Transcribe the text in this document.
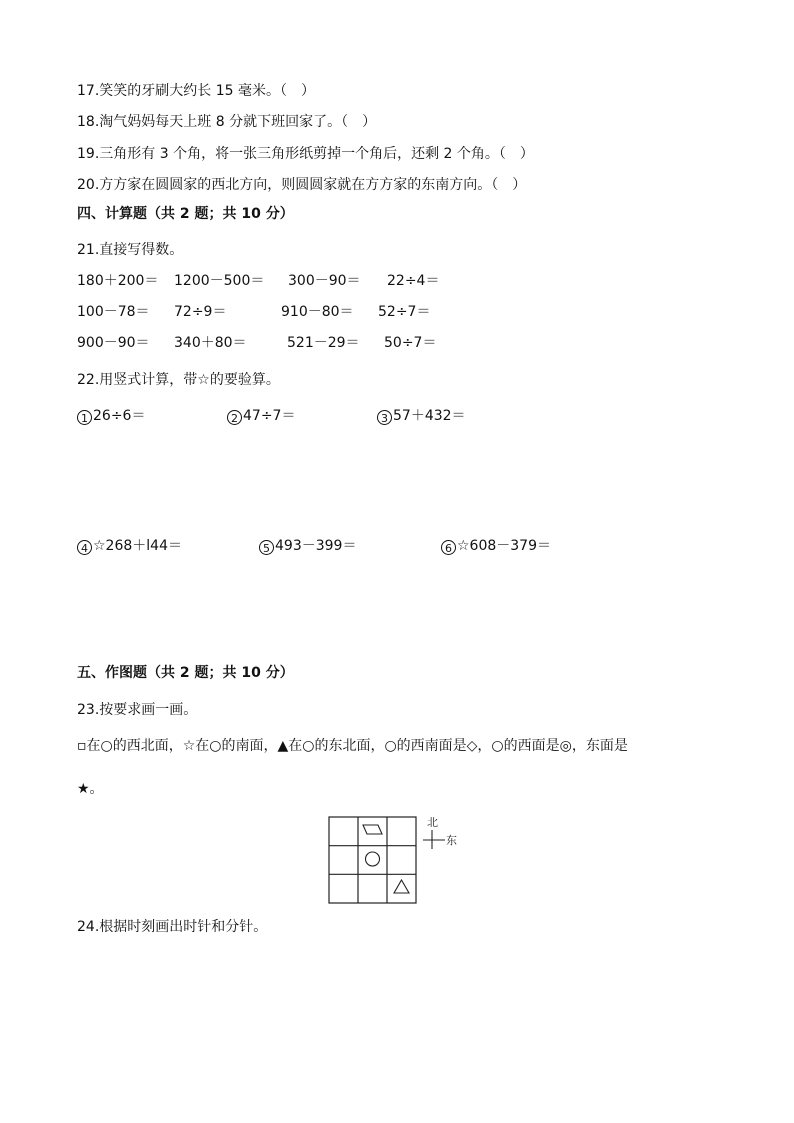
17.笑笑的牙刷大约长 15 毫米。（　）
18.淘气妈妈每天上班 8 分就下班回家了。（　）
19.三角形有 3 个角，将一张三角形纸剪掉一个角后，还剩 2 个角。（　）
20.方方家在圆圆家的西北方向，则圆圆家就在方方家的东南方向。（　）
四、计算题（共 2 题；共 10 分）
21.直接写得数。
180＋200＝ 1200－500＝ 300－90＝ 22÷4＝
100－78＝ 72÷9＝	910－80＝ 52÷7＝
900－90＝ 340＋80＝	521－29＝ 50÷7＝
22.用竖式计算，带☆的要验算。
1 26÷6＝	2 47÷7＝	3 57＋432＝
4 ☆268＋l44＝	5 493－399＝	6 ☆608－379＝
五、作图题（共 2 题；共 10 分）
23.按要求画一画。
▫在○的西北面，☆在○的南面，▲在○的东北面，○的西南面是◇，○的西面是◎，东面是
★。
北
东
24.根据时刻画出时针和分针。
